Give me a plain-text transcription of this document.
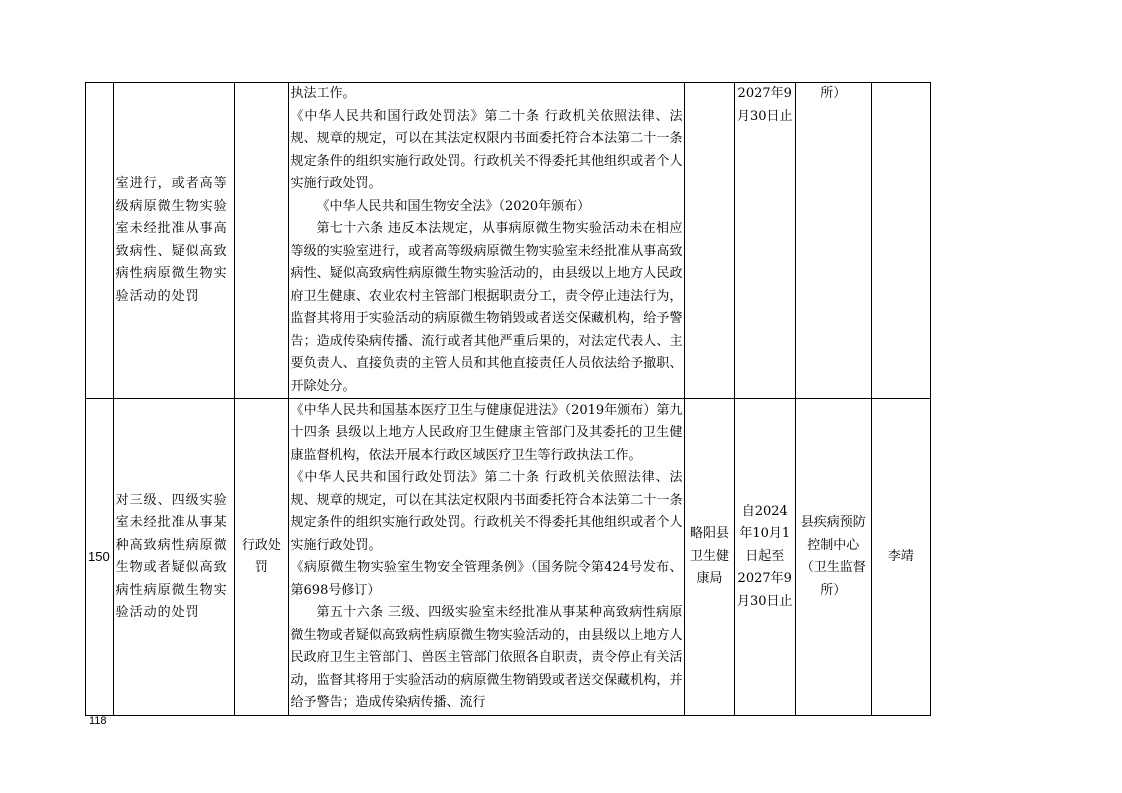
	室进行，或者高等级病原微生物实验室未经批准从事高致病性、疑似高致病性病原微生物实验活动的处罚		执法工作。
《中华人民共和国行政处罚法》第二十条 行政机关依照法律、法规、规章的规定，可以在其法定权限内书面委托符合本法第二十一条规定条件的组织实施行政处罚。行政机关不得委托其他组织或者个人实施行政处罚。
《中华人民共和国生物安全法》（2020年颁布）
第七十六条 违反本法规定，从事病原微生物实验活动未在相应等级的实验室进行，或者高等级病原微生物实验室未经批准从事高致病性、疑似高致病性病原微生物实验活动的，由县级以上地方人民政府卫生健康、农业农村主管部门根据职责分工，责令停止违法行为，监督其将用于实验活动的病原微生物销毁或者送交保藏机构，给予警告；造成传染病传播、流行或者其他严重后果的，对法定代表人、主要负责人、直接负责的主管人员和其他直接责任人员依法给予撤职、开除处分。		2027年9月30日止	所）	
150	对三级、四级实验室未经批准从事某种高致病性病原微生物或者疑似高致病性病原微生物实验活动的处罚	行政处罚	《中华人民共和国基本医疗卫生与健康促进法》（2019年颁布）第九十四条 县级以上地方人民政府卫生健康主管部门及其委托的卫生健康监督机构，依法开展本行政区域医疗卫生等行政执法工作。
《中华人民共和国行政处罚法》第二十条 行政机关依照法律、法规、规章的规定，可以在其法定权限内书面委托符合本法第二十一条规定条件的组织实施行政处罚。行政机关不得委托其他组织或者个人实施行政处罚。
《病原微生物实验室生物安全管理条例》（国务院令第424号发布、第698号修订）
第五十六条 三级、四级实验室未经批准从事某种高致病性病原微生物或者疑似高致病性病原微生物实验活动的，由县级以上地方人民政府卫生主管部门、兽医主管部门依照各自职责，责令停止有关活动，监督其将用于实验活动的病原微生物销毁或者送交保藏机构，并给予警告；造成传染病传播、流行	略阳县卫生健康局	自2024年10月1日起至2027年9月30日止	县疾病预防控制中心（卫生监督所）	李靖
118
